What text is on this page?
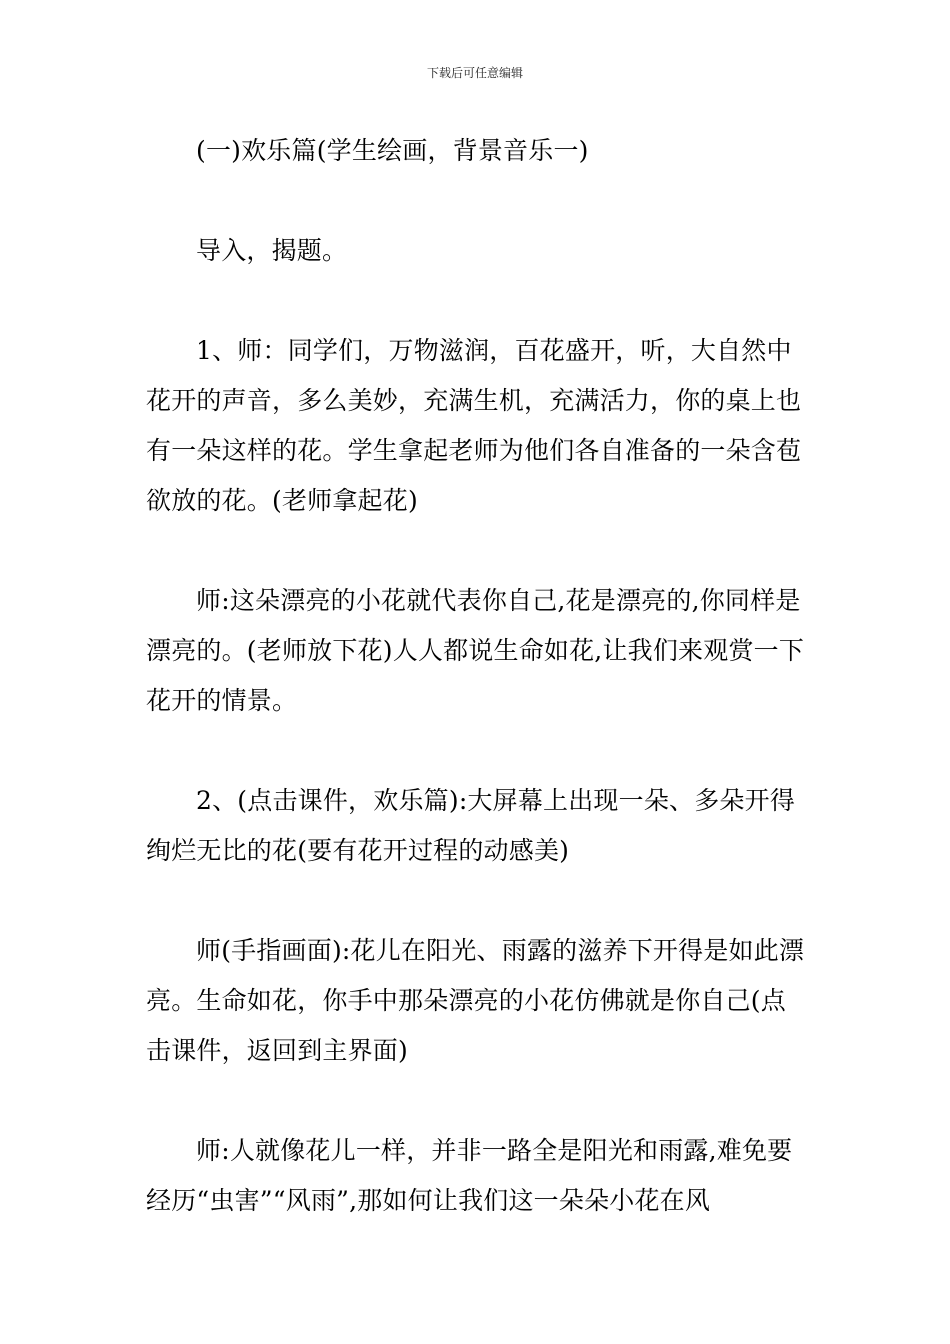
下载后可任意编辑

(一)欢乐篇(学生绘画，背景音乐一)

导入，揭题。

1、师：同学们，万物滋润，百花盛开，听，大自然中花开的声音，多么美妙，充满生机，充满活力，你的桌上也有一朵这样的花。学生拿起老师为他们各自准备的一朵含苞欲放的花。(老师拿起花)

师:这朵漂亮的小花就代表你自己,花是漂亮的,你同样是漂亮的。(老师放下花)人人都说生命如花,让我们来观赏一下花开的情景。

2、(点击课件，欢乐篇):大屏幕上出现一朵、多朵开得绚烂无比的花(要有花开过程的动感美)

师(手指画面):花儿在阳光、雨露的滋养下开得是如此漂亮。生命如花，你手中那朵漂亮的小花仿佛就是你自己(点击课件，返回到主界面)

师:人就像花儿一样，并非一路全是阳光和雨露,难免要经历“虫害”“风雨”,那如何让我们这一朵朵小花在风
